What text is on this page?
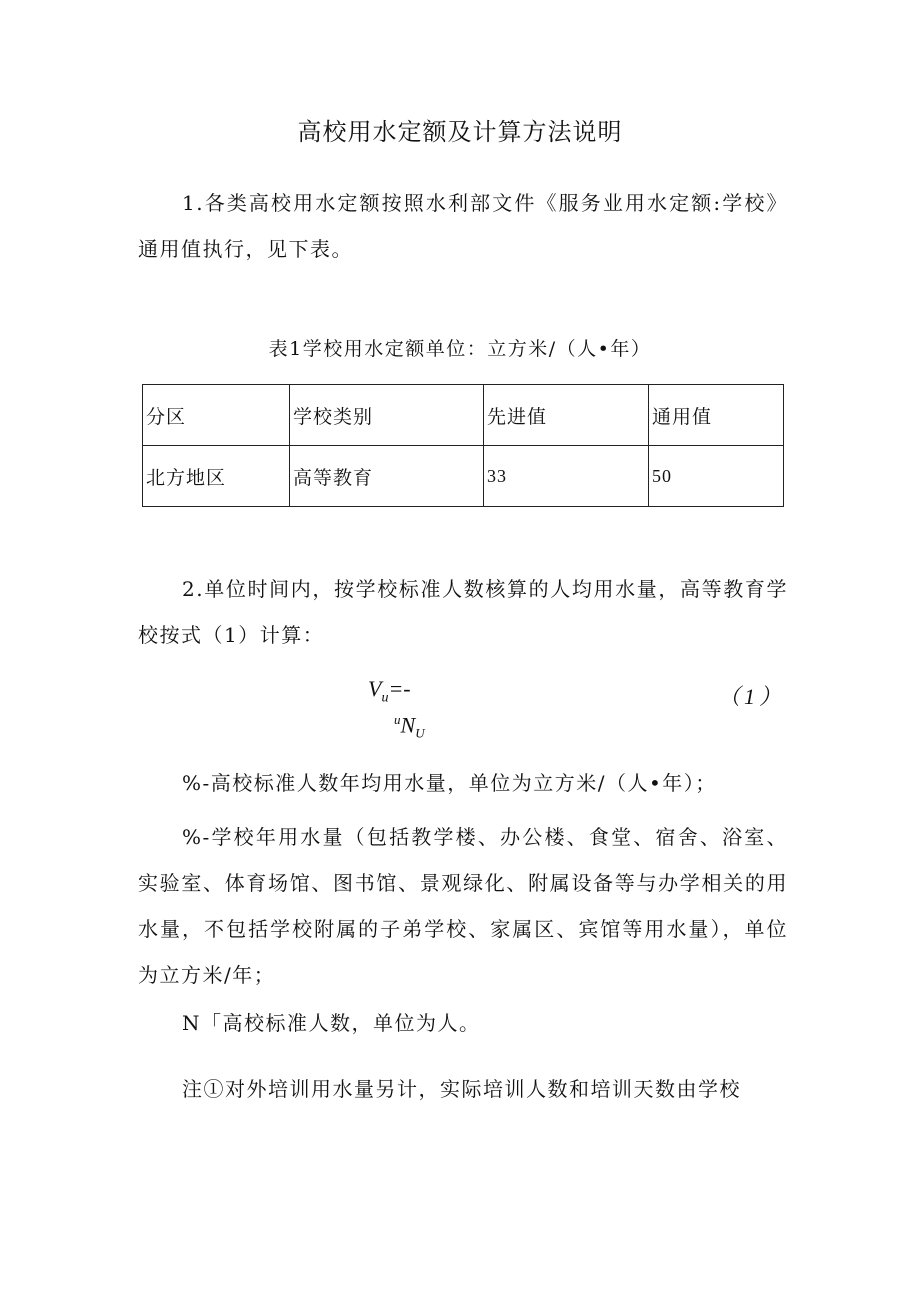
高校用水定额及计算方法说明
1.各类高校用水定额按照水利部文件《服务业用水定额:学校》通用值执行，见下表。
表1学校用水定额单位：立方米/（人•年）
分区	学校类别	先进值	通用值
北方地区	高等教育	33	50
2.单位时间内，按学校标准人数核算的人均用水量，高等教育学校按式（1）计算：
$V_u=-$
$^uN_U$
（1）
%-高校标准人数年均用水量，单位为立方米/（人•年）；
%-学校年用水量（包括教学楼、办公楼、食堂、宿舍、浴室、实验室、体育场馆、图书馆、景观绿化、附属设备等与办学相关的用水量，不包括学校附属的子弟学校、家属区、宾馆等用水量），单位为立方米/年；
N「高校标准人数，单位为人。
注①对外培训用水量另计，实际培训人数和培训天数由学校
